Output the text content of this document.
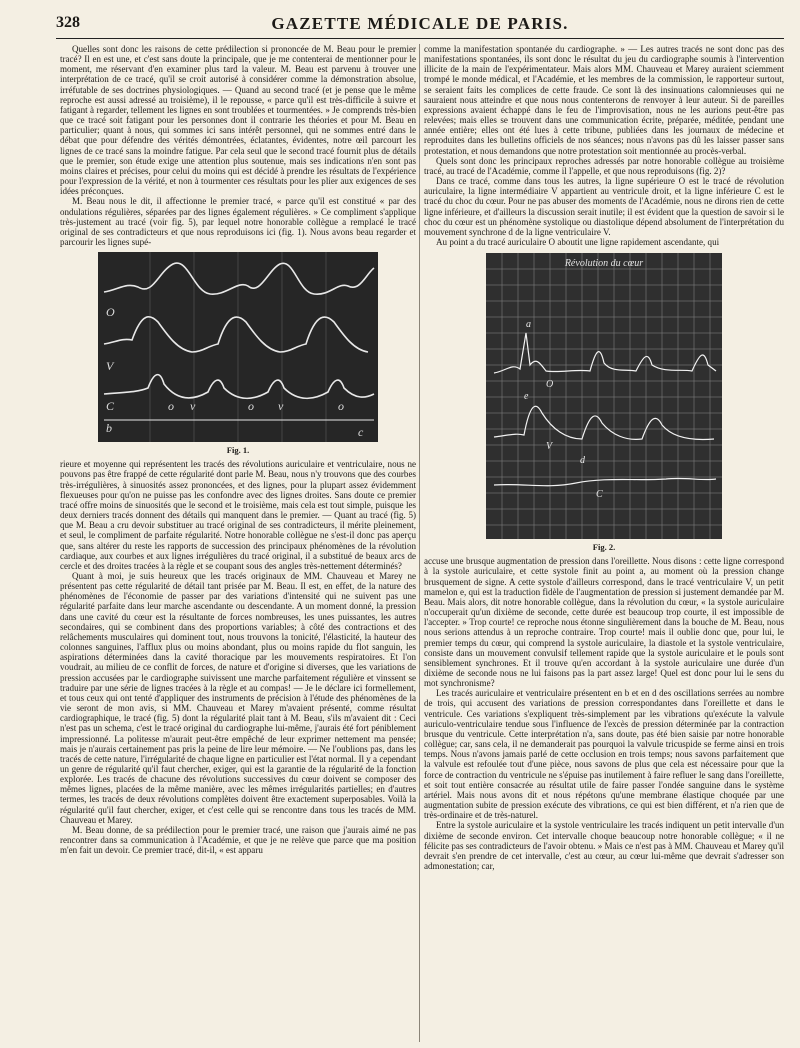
328	GAZETTE MÉDICALE DE PARIS.

Quelles sont donc les raisons de cette prédilection si prononcée de M. Beau pour le premier tracé? Il en est une, et c'est sans doute la principale, que je me contenterai de mentionner pour le moment, me réservant d'en examiner plus tard la valeur. M. Beau est parvenu à trouver une interprétation de ce tracé, qu'il se croit autorisé à considérer comme la démonstration absolue, irréfutable de ses doctrines physiologiques. — Quand au second tracé (et je pense que le même reproche est aussi adressé au troisième), il le repousse, « parce qu'il est très-difficile à suivre et fatigant à regarder, tellement les lignes en sont troublées et tourmentées. » Je comprends très-bien que ce tracé soit fatigant pour les personnes dont il contrarie les théories et pour M. Beau en particulier; quant à nous, qui sommes ici sans intérêt personnel, qui ne sommes entré dans le débat que pour défendre des vérités démontrées, éclatantes, évidentes, notre œil parcourt les lignes de ce tracé sans la moindre fatigue. Par cela seul que le second tracé fournit plus de détails que le premier, son étude exige une attention plus soutenue, mais ses indications n'en sont pas moins claires et précises, pour celui du moins qui est décidé à prendre les résultats de l'expérience pour l'expression de la vérité, et non à tourmenter ces résultats pour les plier aux exigences de ses idées préconçues.

M. Beau nous le dit, il affectionne le premier tracé, « parce qu'il est constitué « par des ondulations régulières, séparées par des lignes également régulières. » Ce compliment s'applique très-justement au tracé (voir fig. 5), par lequel notre honorable collègue a remplacé le tracé original de ses contradicteurs et que nous reproduisons ici (fig. 1). Nous avons beau regarder et parcourir les lignes supé-

O
V
C
b
o v	o v	o
c
Fig. 1.

rieure et moyenne qui représentent les tracés des révolutions auriculaire et ventriculaire, nous ne pouvons pas être frappé de cette régularité dont parle M. Beau, nous n'y trouvons que des courbes très-irrégulières, à sinuosités assez prononcées, et des lignes, pour la plupart assez évidemment flexueuses pour qu'on ne puisse pas les confondre avec des lignes droites. Sans doute ce premier tracé offre moins de sinuosités que le second et le troisième, mais cela est tout simple, puisque les deux derniers tracés donnent des détails qui manquent dans le premier. — Quant au tracé (fig. 5) que M. Beau a cru devoir substituer au tracé original de ses contradicteurs, il mérite pleinement, et seul, le compliment de parfaite régularité. Notre honorable collègue ne s'est-il donc pas aperçu que, sans altérer du reste les rapports de succession des principaux phénomènes de la révolution cardiaque, aux courbes et aux lignes irrégulières du tracé original, il a substitué de beaux arcs de cercle et des droites tracées à la règle et se coupant sous des angles très-nettement déterminés?

Quant à moi, je suis heureux que les tracés originaux de MM. Chauveau et Marey ne présentent pas cette régularité de détail tant prisée par M. Beau. Il est, en effet, de la nature des phénomènes de l'économie de passer par des variations d'intensité qui ne suivent pas une régularité parfaite dans leur marche ascendante ou descendante. A un moment donné, la pression dans une cavité du cœur est la résultante de forces nombreuses, les unes puissantes, les autres secondaires, qui se combinent dans des proportions variables; à côté des contractions et des relâchements musculaires qui dominent tout, nous trouvons la tonicité, l'élasticité, la hauteur des colonnes sanguines, l'afflux plus ou moins abondant, plus ou moins rapide du flot sanguin, les aspirations déterminées dans la cavité thoracique par les mouvements respiratoires. Et l'on voudrait, au milieu de ce conflit de forces, de nature et d'origine si diverses, que les variations de pression accusées par le cardiographe suivissent une marche parfaitement régulière et vinssent se traduire par une série de lignes tracées à la règle et au compas! — Je le déclare ici formellement, et tous ceux qui ont tenté d'appliquer des instruments de précision à l'étude des phénomènes de la vie seront de mon avis, si MM. Chauveau et Marey m'avaient présenté, comme résultat cardiographique, le tracé (fig. 5) dont la régularité plait tant à M. Beau, s'ils m'avaient dit : Ceci n'est pas un schema, c'est le tracé original du cardiographe lui-même, j'aurais été fort péniblement impressionné. La politesse m'aurait peut-être empêché de leur exprimer nettement ma pensée; mais je n'aurais certainement pas pris la peine de lire leur mémoire. — Ne l'oublions pas, dans les tracés de cette nature, l'irrégularité de chaque ligne en particulier est l'état normal. Il y a cependant un genre de régularité qu'il faut chercher, exiger, qui est la garantie de la régularité de la fonction explorée. Les tracés de chacune des révolutions successives du cœur doivent se composer des mêmes lignes, placées de la même manière, avec les mêmes irrégularités partielles; en d'autres termes, les tracés de deux révolutions complètes doivent être exactement superposables. Voilà la régularité qu'il faut chercher, exiger, et c'est celle qui se rencontre dans tous les tracés de MM. Chauveau et Marey.

M. Beau donne, de sa prédilection pour le premier tracé, une raison que j'aurais aimé ne pas rencontrer dans sa communication à l'Académie, et que je ne relève que parce que ma position m'en fait un devoir. Ce premier tracé, dit-il, « est apparu

comme la manifestation spontanée du cardiographe. » — Les autres tracés ne sont donc pas des manifestations spontanées, ils sont donc le résultat du jeu du cardiographe soumis à l'intervention illicite de la main de l'expérimentateur. Mais alors MM. Chauveau et Marey auraient sciemment trompé le monde médical, et l'Académie, et les membres de la commission, le rapporteur surtout, se seraient faits les complices de cette fraude. Ce sont là des insinuations calomnieuses qui ne sauraient nous atteindre et que nous nous contenterons de renvoyer à leur auteur. Si de pareilles expressions avaient échappé dans le feu de l'improvisation, nous ne les aurions peut-être pas relevées; mais elles se trouvent dans une communication écrite, préparée, méditée, pendant une année entière; elles ont été lues à cette tribune, publiées dans les journaux de médecine et reproduites dans les bulletins officiels de nos séances; nous n'avons pas dû les laisser passer sans protestation, et nous demandons que notre protestation soit mentionnée au procès-verbal.

Quels sont donc les principaux reproches adressés par notre honorable collègue au troisième tracé, au tracé de l'Académie, comme il l'appelle, et que nous reproduisons (fig. 2)?

Dans ce tracé, comme dans tous les autres, la ligne supérieure O est le tracé de révolution auriculaire, la ligne intermédiaire V appartient au ventricule droit, et la ligne inférieure C est le tracé du choc du cœur. Pour ne pas abuser des moments de l'Académie, nous ne dirons rien de cette ligne inférieure, et d'ailleurs la discussion serait inutile; il est évident que la question de savoir si le choc du cœur est un phénomène systolique ou diastolique dépend absolument de l'interprétation du mouvement synchrone d de la ligne ventriculaire V.

Au point a du tracé auriculaire O aboutit une ligne rapidement ascendante, qui

a
O
e
V
d
C
Révolution du cœur
Fig. 2.

accuse une brusque augmentation de pression dans l'oreillette. Nous disons : cette ligne correspond à la systole auriculaire, et cette systole finit au point a, au moment où la pression change brusquement de signe. A cette systole d'ailleurs correspond, dans le tracé ventriculaire V, un petit mamelon e, qui est la traduction fidèle de l'augmentation de pression si justement demandée par M. Beau. Mais alors, dit notre honorable collègue, dans la révolution du cœur, « la systole auriculaire n'occuperait qu'un dixième de seconde, cette durée est beaucoup trop courte, il est impossible de l'accepter. » Trop courte! ce reproche nous étonne singulièrement dans la bouche de M. Beau, nous nous serions attendus à un reproche contraire. Trop courte! mais il oublie donc que, pour lui, le premier temps du cœur, qui comprend la systole auriculaire, la diastole et la systole ventriculaire, consiste dans un mouvement convulsif tellement rapide que la systole auriculaire et le pouls sont sensiblement synchrones. Et il trouve qu'en accordant à la systole auriculaire une durée d'un dixième de seconde nous ne lui faisons pas la part assez large! Quel est donc pour lui le sens du mot synchronisme?

Les tracés auriculaire et ventriculaire présentent en b et en d des oscillations serrées au nombre de trois, qui accusent des variations de pression correspondantes dans l'oreillette et dans le ventricule. Ces variations s'expliquent très-simplement par les vibrations qu'exécute la valvule auriculo-ventriculaire tendue sous l'influence de l'excès de pression déterminée par la contraction brusque du ventricule. Cette interprétation n'a, sans doute, pas été bien saisie par notre honorable collègue; car, sans cela, il ne demanderait pas pourquoi la valvule tricuspide se ferme ainsi en trois temps. Nous n'avons jamais parlé de cette occlusion en trois temps; nous savons parfaitement que la valvule est refoulée tout d'une pièce, nous savons de plus que cela est nécessaire pour que la force de contraction du ventricule ne s'épuise pas inutilement à faire refluer le sang dans l'oreillette, et soit tout entière consacrée au résultat utile de faire passer l'ondée sanguine dans le système artériel. Mais nous avons dit et nous répétons qu'une membrane élastique choquée par une augmentation subite de pression exécute des vibrations, ce qui est bien différent, et n'a rien que de très-ordinaire et de très-naturel.

Entre la systole auriculaire et la systole ventriculaire les tracés indiquent un petit intervalle d'un dixième de seconde environ. Cet intervalle choque beaucoup notre honorable collègue; « il ne félicite pas ses contradicteurs de l'avoir obtenu. » Mais ce n'est pas à MM. Chauveau et Marey qu'il devrait s'en prendre de cet intervalle, c'est au cœur, au cœur lui-même que devrait s'adresser son admonestation; car,
